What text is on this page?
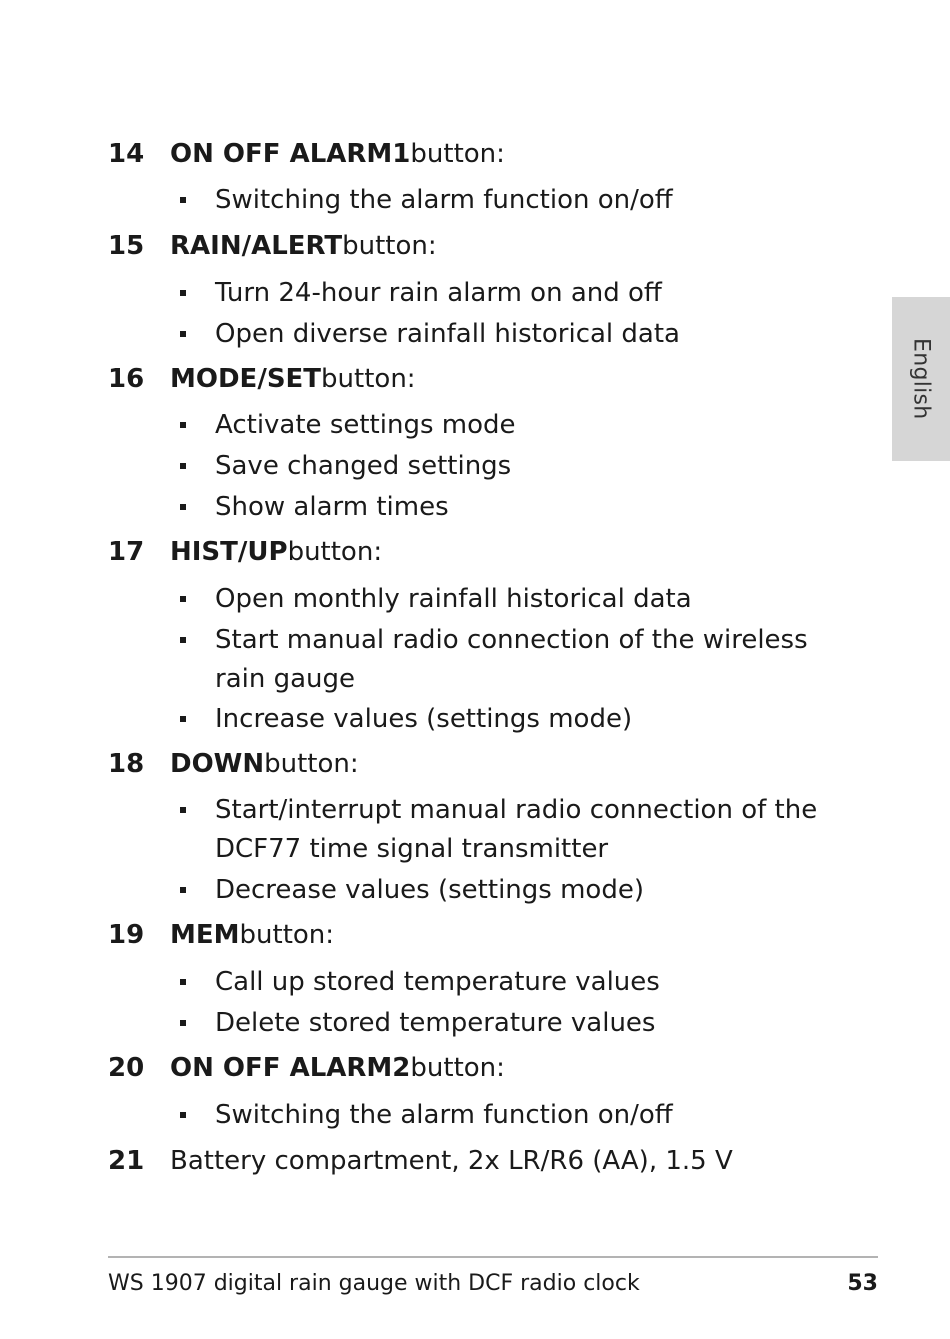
English
14 ON OFF ALARM1 button:
Switching the alarm function on/off
15 RAIN/ALERT button:
Turn 24-hour rain alarm on and off
Open diverse rainfall historical data
16 MODE/SET button:
Activate settings mode
Save changed settings
Show alarm times
17 HIST/UP button:
Open monthly rainfall historical data
Start manual radio connection of the wireless rain gauge
Increase values (settings mode)
18 DOWN button:
Start/interrupt manual radio connection of the DCF77 time signal transmitter
Decrease values (settings mode)
19 MEM button:
Call up stored temperature values
Delete stored temperature values
20 ON OFF ALARM2 button:
Switching the alarm function on/off
21 Battery compartment, 2x LR/R6 (AA), 1.5 V
WS 1907 digital rain gauge with DCF radio clock	53
